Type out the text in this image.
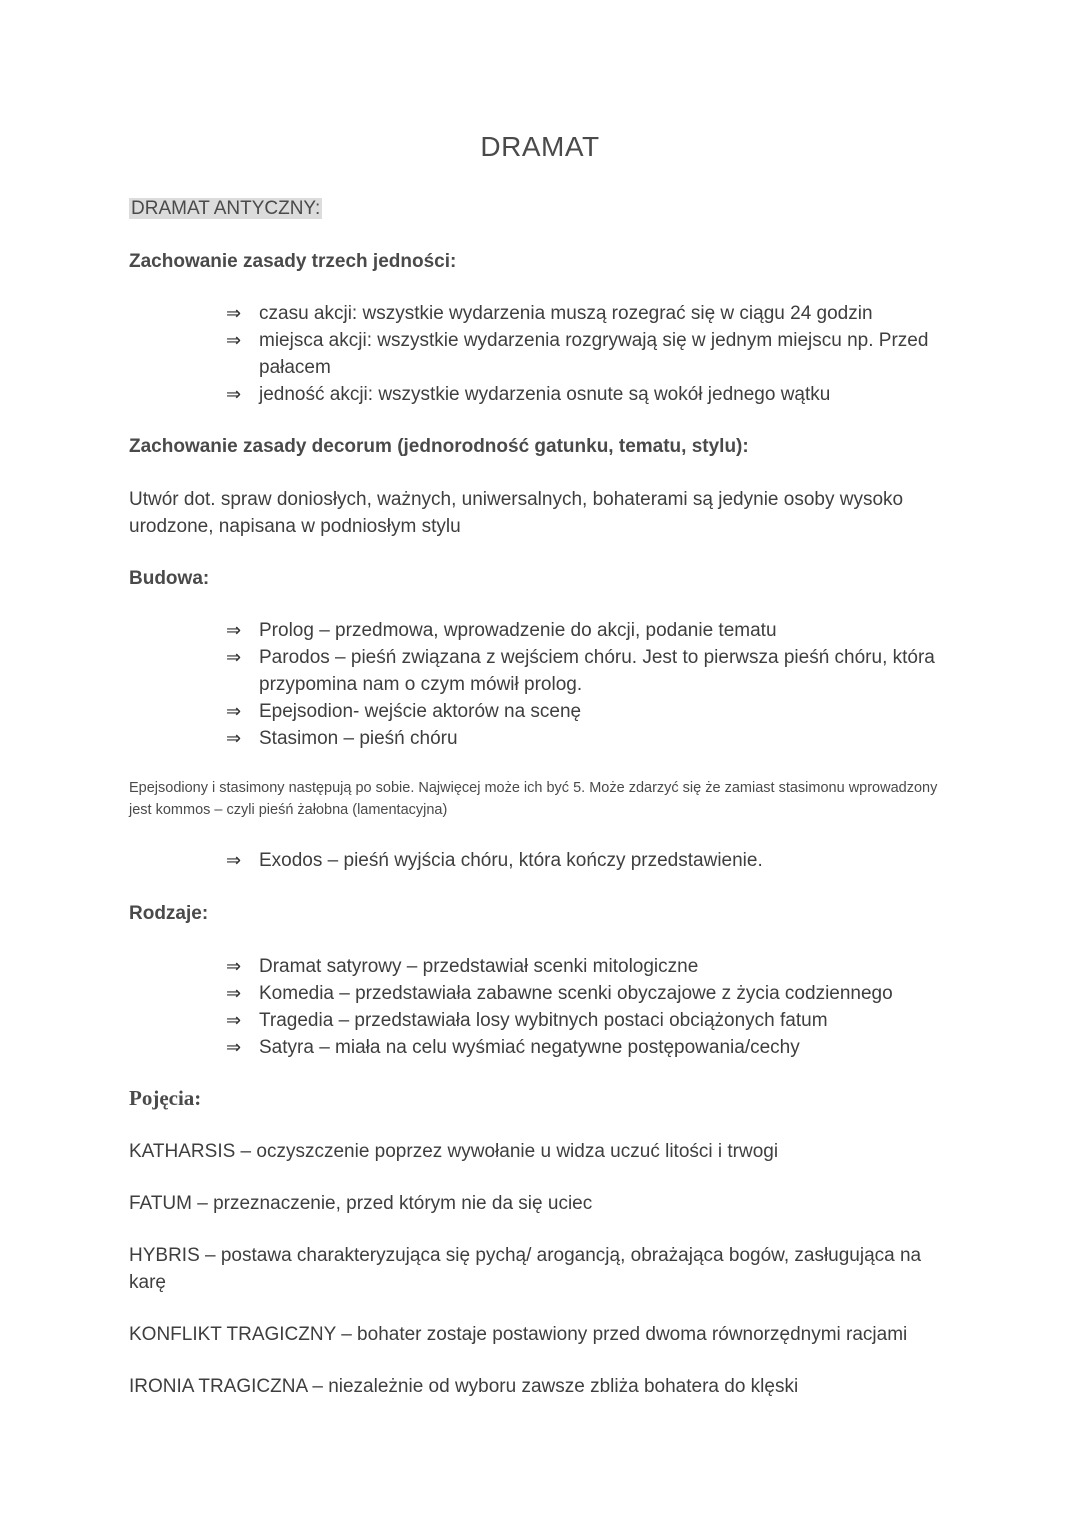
DRAMAT
DRAMAT ANTYCZNY:
Zachowanie zasady trzech jedności:
⇒ czasu akcji: wszystkie wydarzenia muszą rozegrać się w ciągu 24 godzin
⇒ miejsca akcji: wszystkie wydarzenia rozgrywają się w jednym miejscu np. Przed pałacem
⇒ jedność akcji: wszystkie wydarzenia osnute są wokół jednego wątku
Zachowanie zasady decorum (jednorodność gatunku, tematu, stylu):
Utwór dot. spraw doniosłych, ważnych, uniwersalnych, bohaterami są jedynie osoby wysoko urodzone, napisana w podniosłym stylu
Budowa:
⇒ Prolog – przedmowa, wprowadzenie do akcji, podanie tematu
⇒ Parodos – pieśń związana z wejściem chóru. Jest to pierwsza pieśń chóru, która przypomina nam o czym mówił prolog.
⇒ Epejsodion- wejście aktorów na scenę
⇒ Stasimon – pieśń chóru
Epejsodiony i stasimony następują po sobie. Najwięcej może ich być 5. Może zdarzyć się że zamiast stasimonu wprowadzony jest kommos – czyli pieśń żałobna (lamentacyjna)
⇒ Exodos – pieśń wyjścia chóru, która kończy przedstawienie.
Rodzaje:
⇒ Dramat satyrowy – przedstawiał scenki mitologiczne
⇒ Komedia – przedstawiała zabawne scenki obyczajowe z życia codziennego
⇒ Tragedia – przedstawiała losy wybitnych postaci obciążonych fatum
⇒ Satyra – miała na celu wyśmiać negatywne postępowania/cechy
Pojęcia:
KATHARSIS – oczyszczenie poprzez wywołanie u widza uczuć litości i trwogi
FATUM – przeznaczenie, przed którym nie da się uciec
HYBRIS – postawa charakteryzująca się pychą/ arogancją, obrażająca bogów, zasługująca na karę
KONFLIKT TRAGICZNY – bohater zostaje postawiony przed dwoma równorzędnymi racjami
IRONIA TRAGICZNA – niezależnie od wyboru zawsze zbliża bohatera do klęski
